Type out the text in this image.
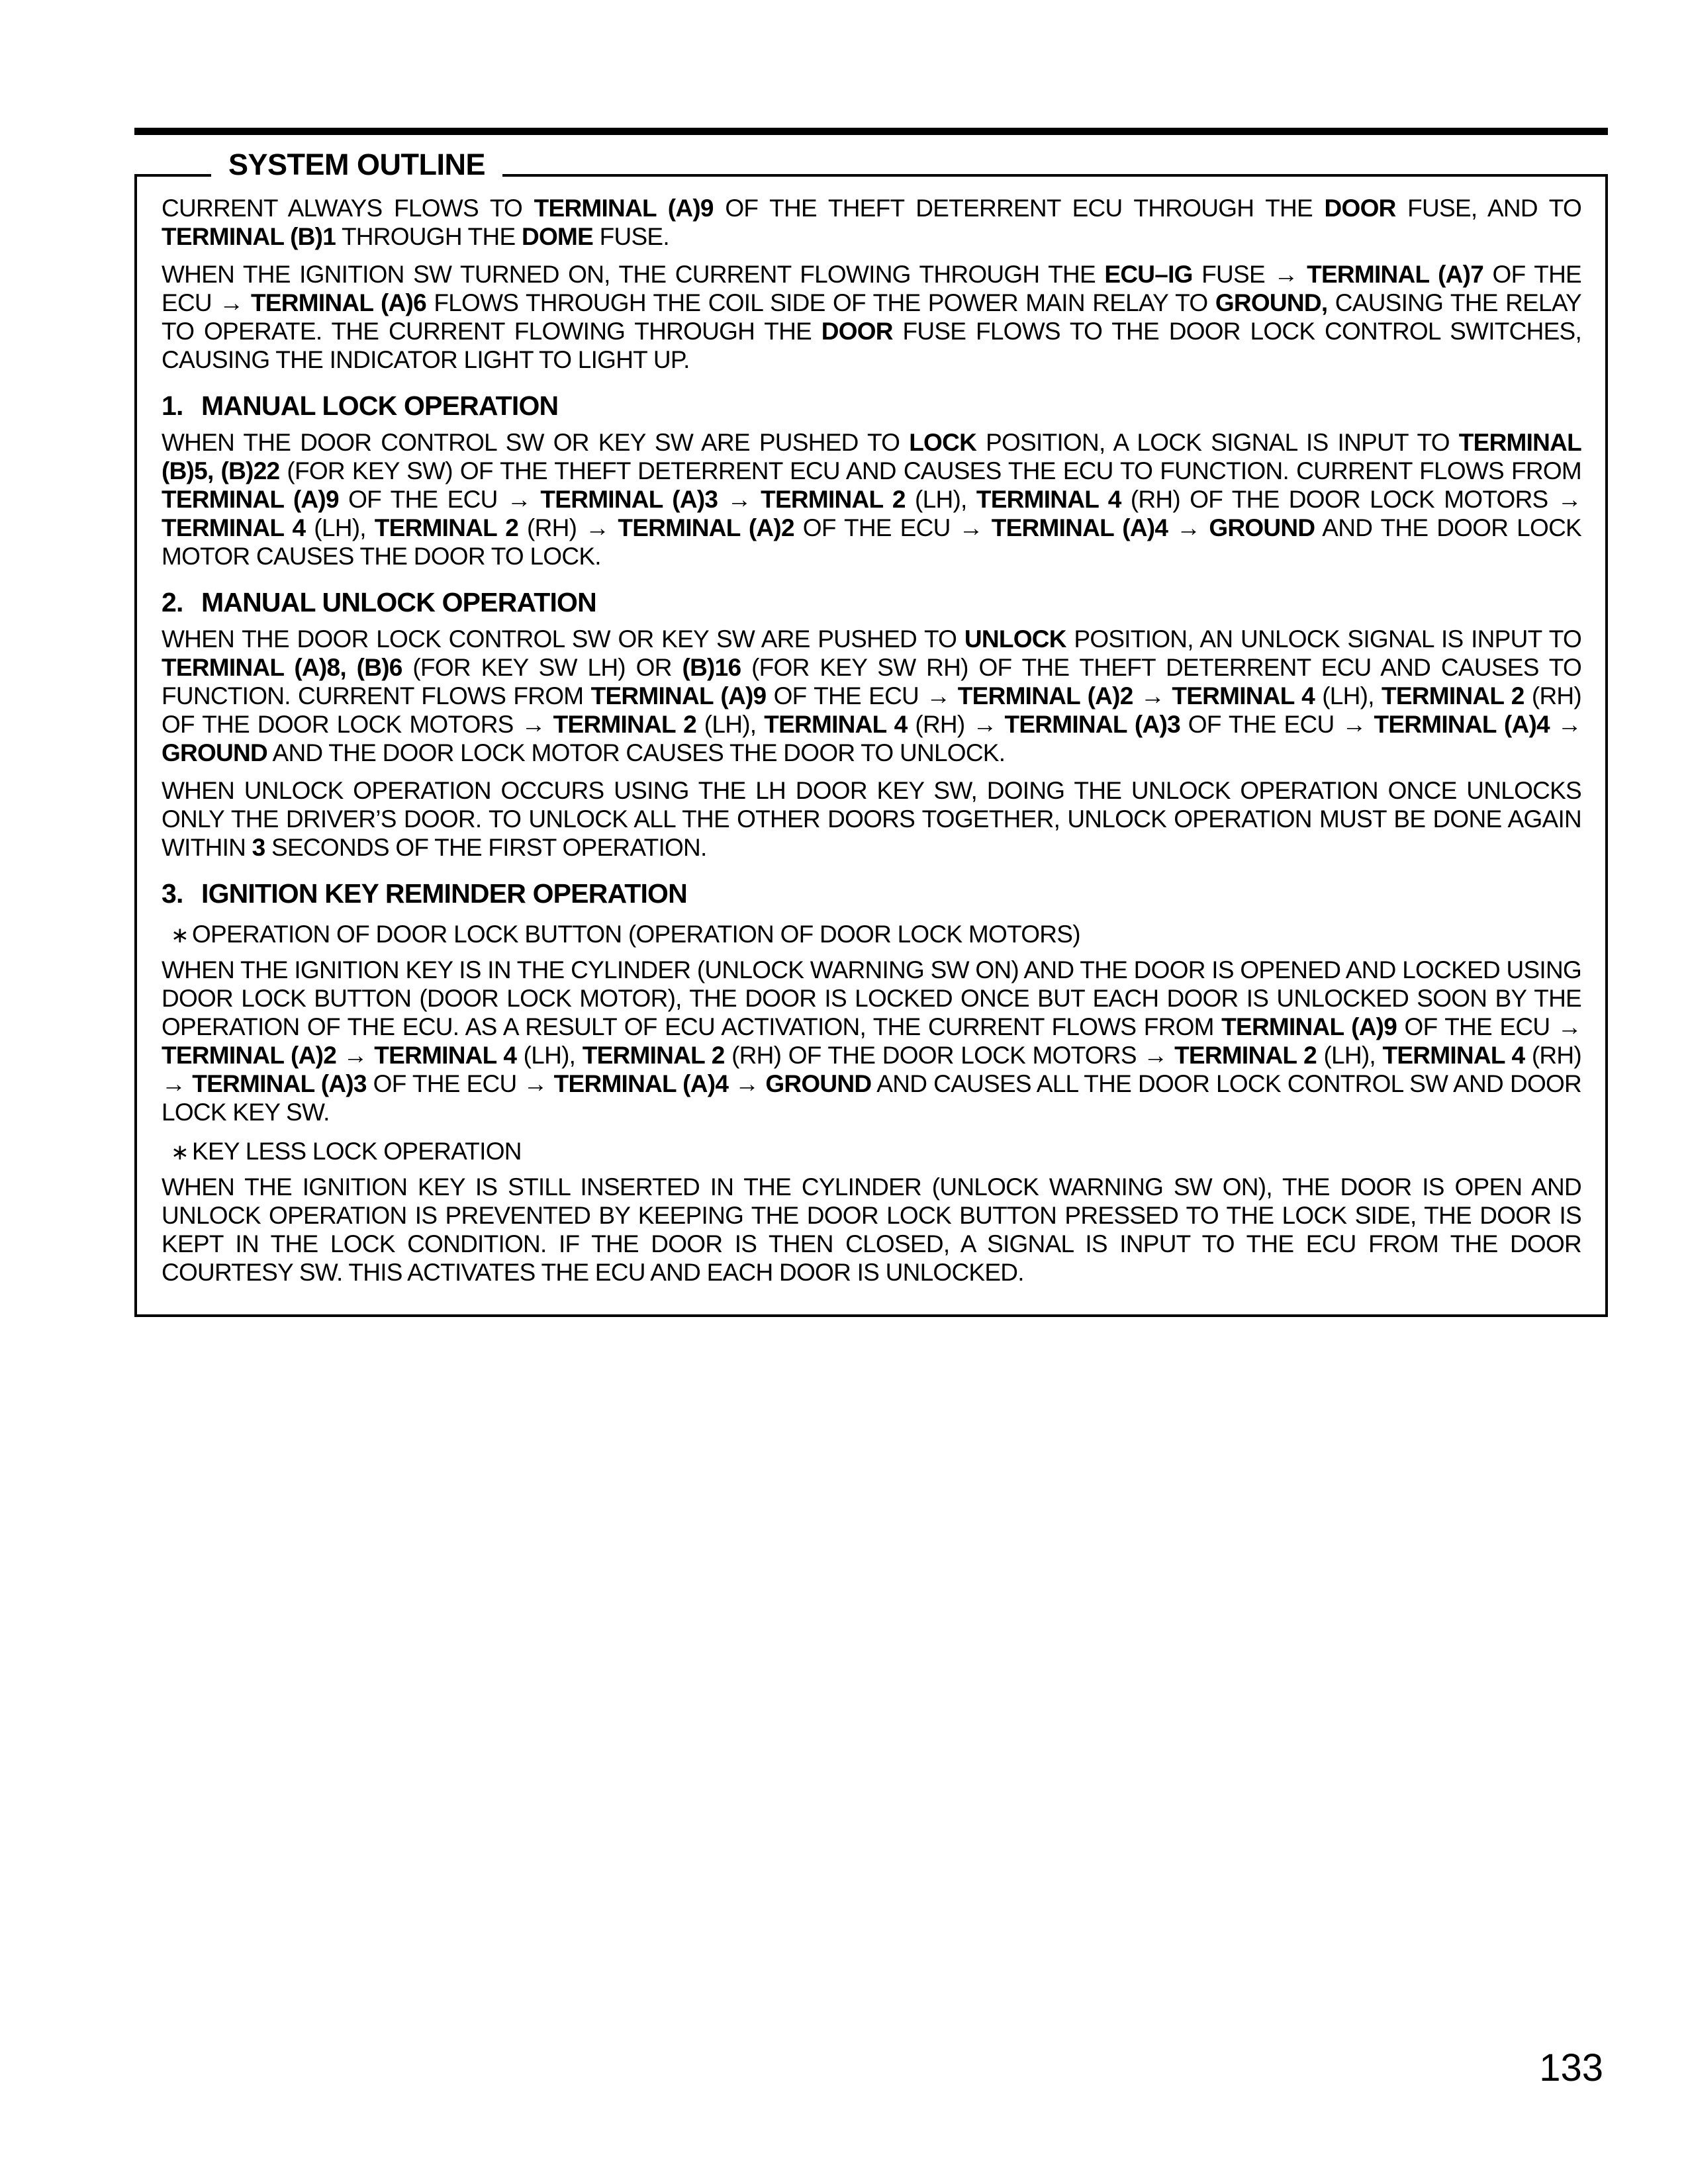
SYSTEM OUTLINE

CURRENT ALWAYS FLOWS TO TERMINAL (A)9 OF THE THEFT DETERRENT ECU THROUGH THE DOOR FUSE, AND TO TERMINAL (B)1 THROUGH THE DOME FUSE.

WHEN THE IGNITION SW TURNED ON, THE CURRENT FLOWING THROUGH THE ECU–IG FUSE → TERMINAL (A)7 OF THE ECU → TERMINAL (A)6 FLOWS THROUGH THE COIL SIDE OF THE POWER MAIN RELAY TO GROUND, CAUSING THE RELAY TO OPERATE. THE CURRENT FLOWING THROUGH THE DOOR FUSE FLOWS TO THE DOOR LOCK CONTROL SWITCHES, CAUSING THE INDICATOR LIGHT TO LIGHT UP.

1. MANUAL LOCK OPERATION

WHEN THE DOOR CONTROL SW OR KEY SW ARE PUSHED TO LOCK POSITION, A LOCK SIGNAL IS INPUT TO TERMINAL (B)5, (B)22 (FOR KEY SW) OF THE THEFT DETERRENT ECU AND CAUSES THE ECU TO FUNCTION. CURRENT FLOWS FROM TERMINAL (A)9 OF THE ECU → TERMINAL (A)3 → TERMINAL 2 (LH), TERMINAL 4 (RH) OF THE DOOR LOCK MOTORS → TERMINAL 4 (LH), TERMINAL 2 (RH) → TERMINAL (A)2 OF THE ECU → TERMINAL (A)4 → GROUND AND THE DOOR LOCK MOTOR CAUSES THE DOOR TO LOCK.

2. MANUAL UNLOCK OPERATION

WHEN THE DOOR LOCK CONTROL SW OR KEY SW ARE PUSHED TO UNLOCK POSITION, AN UNLOCK SIGNAL IS INPUT TO TERMINAL (A)8, (B)6 (FOR KEY SW LH) OR (B)16 (FOR KEY SW RH) OF THE THEFT DETERRENT ECU AND CAUSES TO FUNCTION. CURRENT FLOWS FROM TERMINAL (A)9 OF THE ECU → TERMINAL (A)2 → TERMINAL 4 (LH), TERMINAL 2 (RH) OF THE DOOR LOCK MOTORS → TERMINAL 2 (LH), TERMINAL 4 (RH) → TERMINAL (A)3 OF THE ECU → TERMINAL (A)4 → GROUND AND THE DOOR LOCK MOTOR CAUSES THE DOOR TO UNLOCK.

WHEN UNLOCK OPERATION OCCURS USING THE LH DOOR KEY SW, DOING THE UNLOCK OPERATION ONCE UNLOCKS ONLY THE DRIVER’S DOOR. TO UNLOCK ALL THE OTHER DOORS TOGETHER, UNLOCK OPERATION MUST BE DONE AGAIN WITHIN 3 SECONDS OF THE FIRST OPERATION.

3. IGNITION KEY REMINDER OPERATION
∗ OPERATION OF DOOR LOCK BUTTON (OPERATION OF DOOR LOCK MOTORS)

WHEN THE IGNITION KEY IS IN THE CYLINDER (UNLOCK WARNING SW ON) AND THE DOOR IS OPENED AND LOCKED USING DOOR LOCK BUTTON (DOOR LOCK MOTOR), THE DOOR IS LOCKED ONCE BUT EACH DOOR IS UNLOCKED SOON BY THE OPERATION OF THE ECU. AS A RESULT OF ECU ACTIVATION, THE CURRENT FLOWS FROM TERMINAL (A)9 OF THE ECU → TERMINAL (A)2 → TERMINAL 4 (LH), TERMINAL 2 (RH) OF THE DOOR LOCK MOTORS → TERMINAL 2 (LH), TERMINAL 4 (RH) → TERMINAL (A)3 OF THE ECU → TERMINAL (A)4 → GROUND AND CAUSES ALL THE DOOR LOCK CONTROL SW AND DOOR LOCK KEY SW.

∗ KEY LESS LOCK OPERATION

WHEN THE IGNITION KEY IS STILL INSERTED IN THE CYLINDER (UNLOCK WARNING SW ON), THE DOOR IS OPEN AND UNLOCK OPERATION IS PREVENTED BY KEEPING THE DOOR LOCK BUTTON PRESSED TO THE LOCK SIDE, THE DOOR IS KEPT IN THE LOCK CONDITION. IF THE DOOR IS THEN CLOSED, A SIGNAL IS INPUT TO THE ECU FROM THE DOOR COURTESY SW. THIS ACTIVATES THE ECU AND EACH DOOR IS UNLOCKED.

133
